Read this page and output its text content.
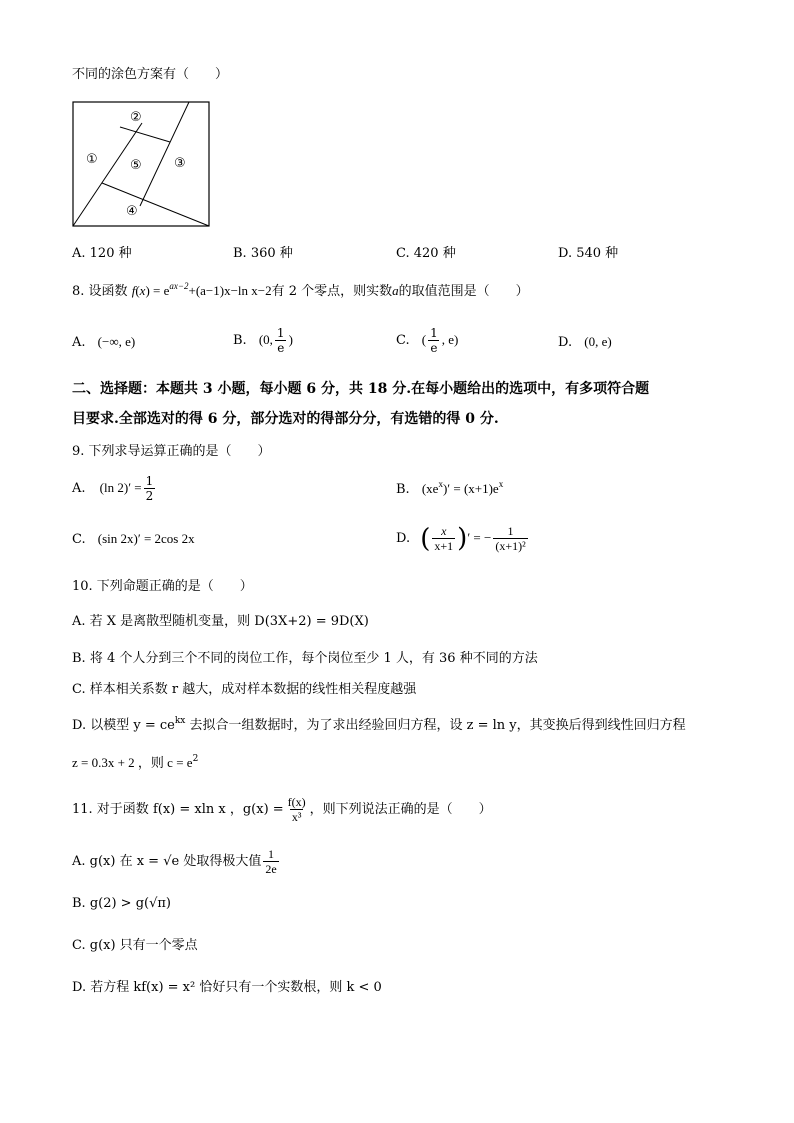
不同的涂色方案有（　　）
①
②
③
④
⑤
A. 120 种	B. 360 种	C. 420 种	D. 540 种
8. 设函数 $f(x) = e^{ax-2}+(a-1)x-\ln$ x−2有 2 个零点，则实数a的取值范围是（　　）
A. (−∞, e)	B. (0, $\frac{1}{e}$ )	C. ( $\frac{1}{e}$ , e)	D. (0, e)
二、选择题：本题共 3 小题，每小题 6 分，共 18 分.在每小题给出的选项中，有多项符合题
目要求.全部选对的得 6 分，部分选对的得部分分，有选错的得 0 分.
9. 下列求导运算正确的是（　　）
A. (ln $2)' = \frac{1}{2}$	B. $(xe^x)' = (x+1)e^x$
C. (sin 2x)′ = 2cos 2x	D. ( $\frac{x}{x+1}$ )′ = − $\frac{1}{\text{(x+1)²}}$
10. 下列命题正确的是（　　）
A. 若 X 是离散型随机变量，则 D(3X+2) = 9D(X)
B. 将 4 个人分到三个不同的岗位工作，每个岗位至少 1 人，有 36 种不同的方法
C. 样本相关系数 r 越大，成对样本数据的线性相关程度越强
D. 以模型 $y = ce^{kx}$ 去拟合一组数据时，为了求出经验回归方程，设 z = ln y，其变换后得到线性回归方程
z = 0.3x + 2 ，则 $c = e^2$
11. 对于函数 f(x) = xln x ，$g(x) = \frac{f(x)}{\text{x³}}$ ，则下列说法正确的是（　　）
A. g(x) 在 x = √e 处取得极大值 $\frac{1}{2e}$
B. g(2) > g(√π)
C. g(x) 只有一个零点
D. 若方程 kf(x) = x² 恰好只有一个实数根，则 k < 0
